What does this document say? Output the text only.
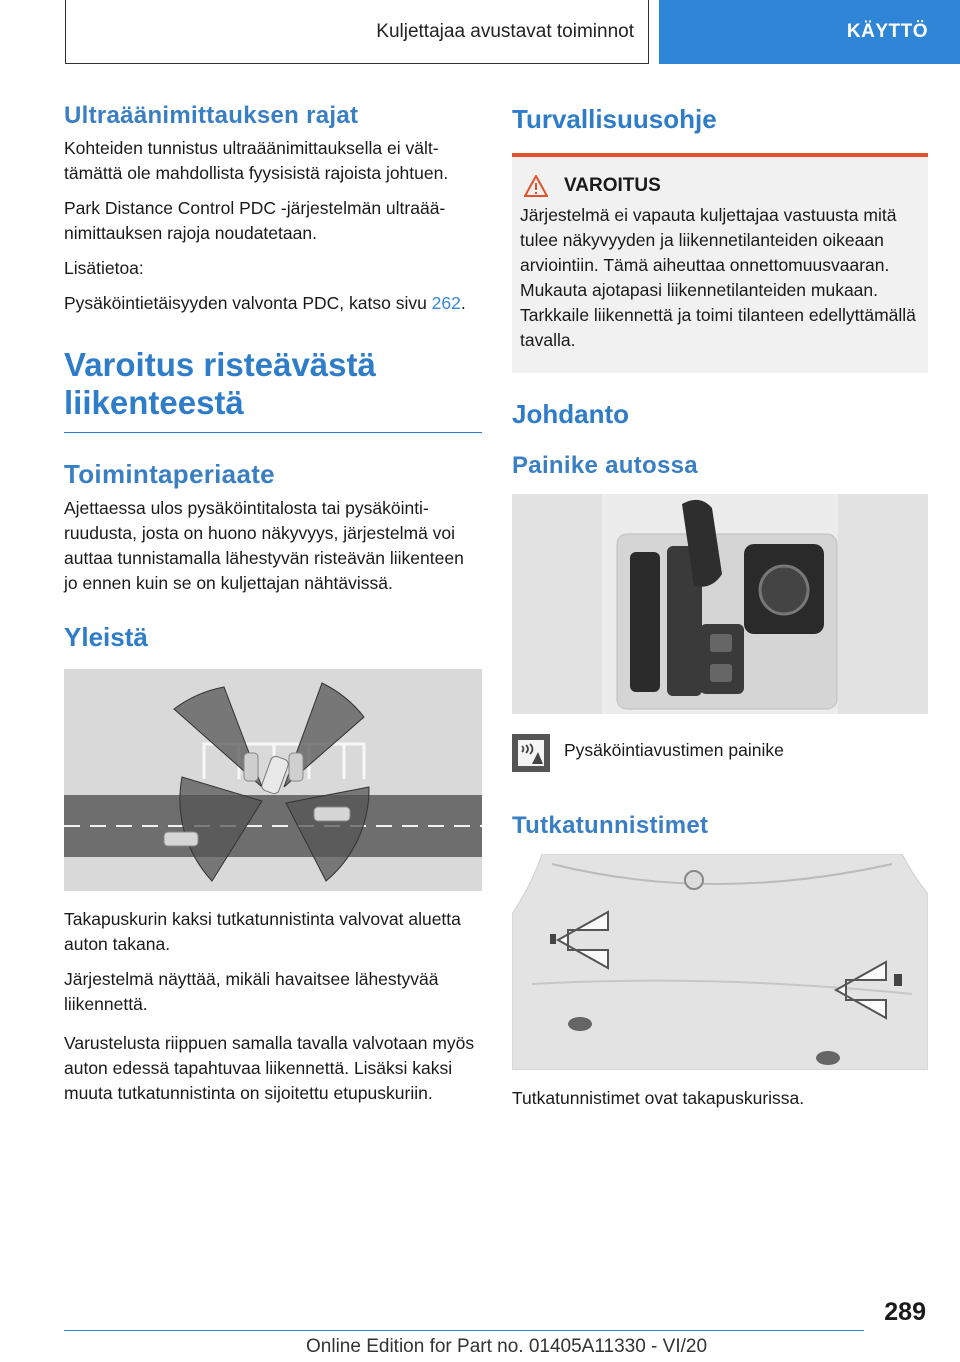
Kuljettajaa avustavat toiminnot	KÄYTTÖ
Ultraäänimittauksen rajat

Kohteiden tunnistus ultraäänimittauksella ei välttämättä ole mahdollista fyysisistä rajoista johtuen.

Park Distance Control PDC -järjestelmän ultraäänimittauksen rajoja noudatetaan.

Lisätietoa:

Pysäköintietäisyyden valvonta PDC, katso sivu 262.

Varoitus risteävästä liikenteestä
Toimintaperiaate

Ajettaessa ulos pysäköintitalosta tai pysäköintiruudusta, josta on huono näkyvyys, järjestelmä voi auttaa tunnistamalla lähestyvän risteävän liikenteen jo ennen kuin se on kuljettajan nähtävissä.

Yleistä

Takapuskurin kaksi tutkatunnistinta valvovat aluetta auton takana.

Järjestelmä näyttää, mikäli havaitsee lähestyvää liikennettä.

Varustelusta riippuen samalla tavalla valvotaan myös auton edessä tapahtuvaa liikennettä. Lisäksi kaksi muuta tutkatunnistinta on sijoitettu etupuskuriin.

Turvallisuusohje
VAROITUS

Järjestelmä ei vapauta kuljettajaa vastuusta mitä tulee näkyvyyden ja liikennetilanteiden oikeaan arviointiin. Tämä aiheuttaa onnettomuusvaaran. Mukauta ajotapasi liikennetilanteiden mukaan. Tarkkaile liikennettä ja toimi tilanteen edellyttämällä tavalla.

Johdanto
Painike autossa

Pysäköintiavustimen painike

Tutkatunnistimet

Tutkatunnistimet ovat takapuskurissa.

289
Online Edition for Part no. 01405A11330 - VI/20
